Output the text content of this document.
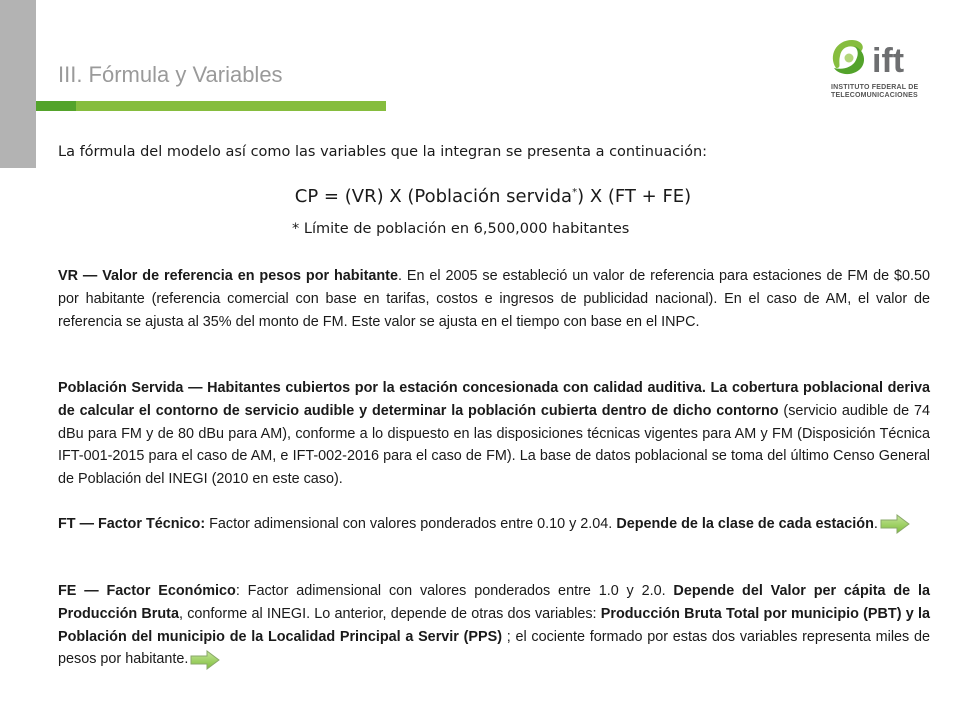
III. Fórmula y Variables	ift
INSTITUTO FEDERAL DE
TELECOMUNICACIONES

La fórmula del modelo así como las variables que la integran se presenta a continuación:

CP = (VR) X (Población servida*) X (FT + FE)
* Límite de población en 6,500,000 habitantes

VR — Valor de referencia en pesos por habitante. En el 2005 se estableció un valor de referencia para estaciones de FM de $0.50 por habitante (referencia comercial con base en tarifas, costos e ingresos de publicidad nacional). En el caso de AM, el valor de referencia se ajusta al 35% del monto de FM. Este valor se ajusta en el tiempo con base en el INPC.

Población Servida — Habitantes cubiertos por la estación concesionada con calidad auditiva. La cobertura poblacional deriva de calcular el contorno de servicio audible y determinar la población cubierta dentro de dicho contorno (servicio audible de 74 dBu para FM y de 80 dBu para AM), conforme a lo dispuesto en las disposiciones técnicas vigentes para AM y FM (Disposición Técnica IFT-001-2015 para el caso de AM, e IFT-002-2016 para el caso de FM). La base de datos poblacional se toma del último Censo General de Población del INEGI (2010 en este caso).

FT — Factor Técnico: Factor adimensional con valores ponderados entre 0.10 y 2.04. Depende de la clase de cada estación.

FE — Factor Económico: Factor adimensional con valores ponderados entre 1.0 y 2.0. Depende del Valor per cápita de la Producción Bruta, conforme al INEGI. Lo anterior, depende de otras dos variables: Producción Bruta Total por municipio (PBT) y la Población del municipio de la Localidad Principal a Servir (PPS) ; el cociente formado por estas dos variables representa miles de pesos por habitante.
